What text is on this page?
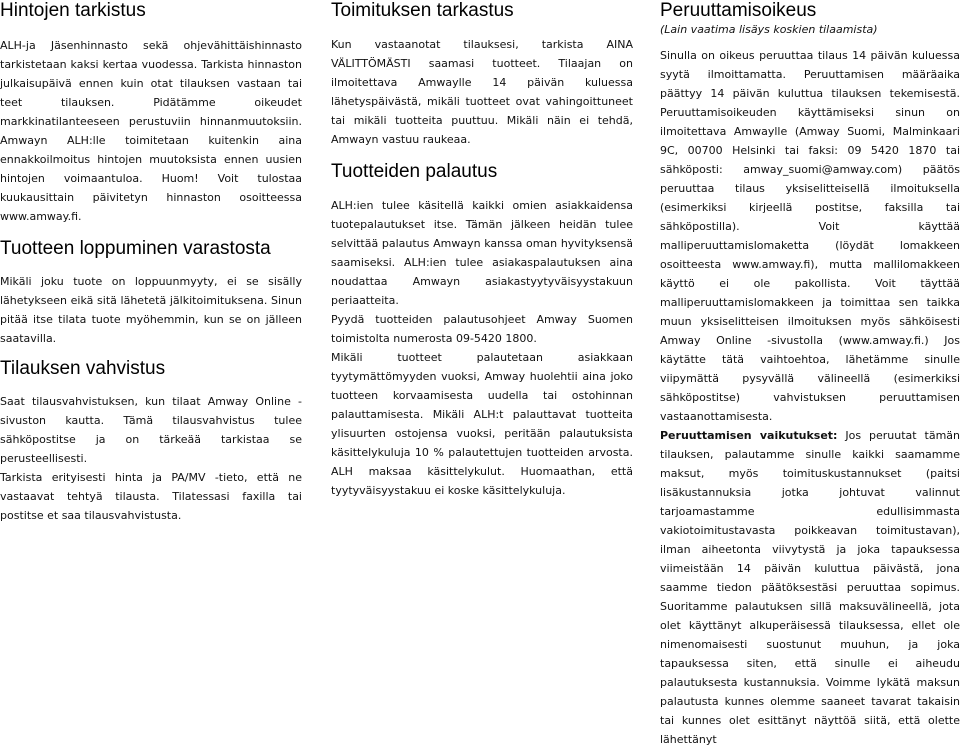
Hintojen tarkistus

ALH-ja Jäsenhinnasto sekä ohjevähittäishinnasto tarkistetaan kaksi kertaa vuodessa. Tarkista hinnaston julkaisupäivä ennen kuin otat tilauksen vastaan tai teet tilauksen. Pidätämme oikeudet markkinatilanteeseen perustuviin hinnanmuutoksiin. Amwayn ALH:lle toimitetaan kuitenkin aina ennakkoilmoitus hintojen muutoksista ennen uusien hintojen voimaantuloa. Huom! Voit tulostaa kuukausittain päivitetyn hinnaston osoitteessa www.amway.fi.

Tuotteen loppuminen varastosta

Mikäli joku tuote on loppuunmyyty, ei se sisälly lähetykseen eikä sitä lähetetä jälkitoimituksena. Sinun pitää itse tilata tuote myöhemmin, kun se on jälleen saatavilla.

Tilauksen vahvistus

Saat tilausvahvistuksen, kun tilaat Amway Online -sivuston kautta. Tämä tilausvahvistus tulee sähköpostitse ja on tärkeää tarkistaa se perusteellisesti.

Tarkista erityisesti hinta ja PA/MV -tieto, että ne vastaavat tehtyä tilausta. Tilatessasi faxilla tai postitse et saa tilausvahvistusta.

Toimituksen tarkastus

Kun vastaanotat tilauksesi, tarkista AINA VÄLITTÖMÄSTI saamasi tuotteet. Tilaajan on ilmoitettava Amwaylle 14 päivän kuluessa lähetyspäivästä, mikäli tuotteet ovat vahingoittuneet tai mikäli tuotteita puuttuu. Mikäli näin ei tehdä, Amwayn vastuu raukeaa.

Tuotteiden palautus

ALH:ien tulee käsitellä kaikki omien asiakkaidensa tuotepalautukset itse. Tämän jälkeen heidän tulee selvittää palautus Amwayn kanssa oman hyvityksensä saamiseksi. ALH:ien tulee asiakaspalautuksen aina noudattaa Amwayn asiakastyytyväisyystakuun periaatteita.

Pyydä tuotteiden palautusohjeet Amway Suomen toimistolta numerosta 09-5420 1800.

Mikäli tuotteet palautetaan asiakkaan tyytymättömyyden vuoksi, Amway huolehtii aina joko tuotteen korvaamisesta uudella tai ostohinnan palauttamisesta. Mikäli ALH:t palauttavat tuotteita ylisuurten ostojensa vuoksi, peritään palautuksista käsittelykuluja 10 % palautettujen tuotteiden arvosta. ALH maksaa käsittelykulut. Huomaathan, että tyytyväisyystakuu ei koske käsittelykuluja.

Peruuttamisoikeus

(Lain vaatima lisäys koskien tilaamista)

Sinulla on oikeus peruuttaa tilaus 14 päivän kuluessa syytä ilmoittamatta. Peruuttamisen määräaika päättyy 14 päivän kuluttua tilauksen tekemisestä. Peruuttamisoikeuden käyttämiseksi sinun on ilmoitettava Amwaylle (Amway Suomi, Malminkaari 9C, 00700 Helsinki tai faksi: 09 5420 1870 tai sähköposti: amway_suomi@amway.com) päätös peruuttaa tilaus yksiselitteisellä ilmoituksella (esimerkiksi kirjeellä postitse, faksilla tai sähköpostilla). Voit käyttää malliperuuttamislomaketta (löydät lomakkeen osoitteesta www.amway.fi), mutta mallilomakkeen käyttö ei ole pakollista. Voit täyttää malliperuuttamislomakkeen ja toimittaa sen taikka muun yksiselitteisen ilmoituksen myös sähköisesti Amway Online -sivustolla (www.amway.fi.) Jos käytätte tätä vaihtoehtoa, lähetämme sinulle viipymättä pysyvällä välineellä (esimerkiksi sähköpostitse) vahvistuksen peruuttamisen vastaanottamisesta.

Peruuttamisen vaikutukset: Jos peruutat tämän tilauksen, palautamme sinulle kaikki saamamme maksut, myös toimituskustannukset (paitsi lisäkustannuksia jotka johtuvat valinnut tarjoamastamme edullisimmasta vakiotoimitustavasta poikkeavan toimitustavan), ilman aiheetonta viivytystä ja joka tapauksessa viimeistään 14 päivän kuluttua päivästä, jona saamme tiedon päätöksestäsi peruuttaa sopimus. Suoritamme palautuksen sillä maksuvälineellä, jota olet käyttänyt alkuperäisessä tilauksessa, ellet ole nimenomaisesti suostunut muuhun, ja joka tapauksessa siten, että sinulle ei aiheudu palautuksesta kustannuksia. Voimme lykätä maksun palautusta kunnes olemme saaneet tavarat takaisin tai kunnes olet esittänyt näyttöä siitä, että olette lähettänyt
